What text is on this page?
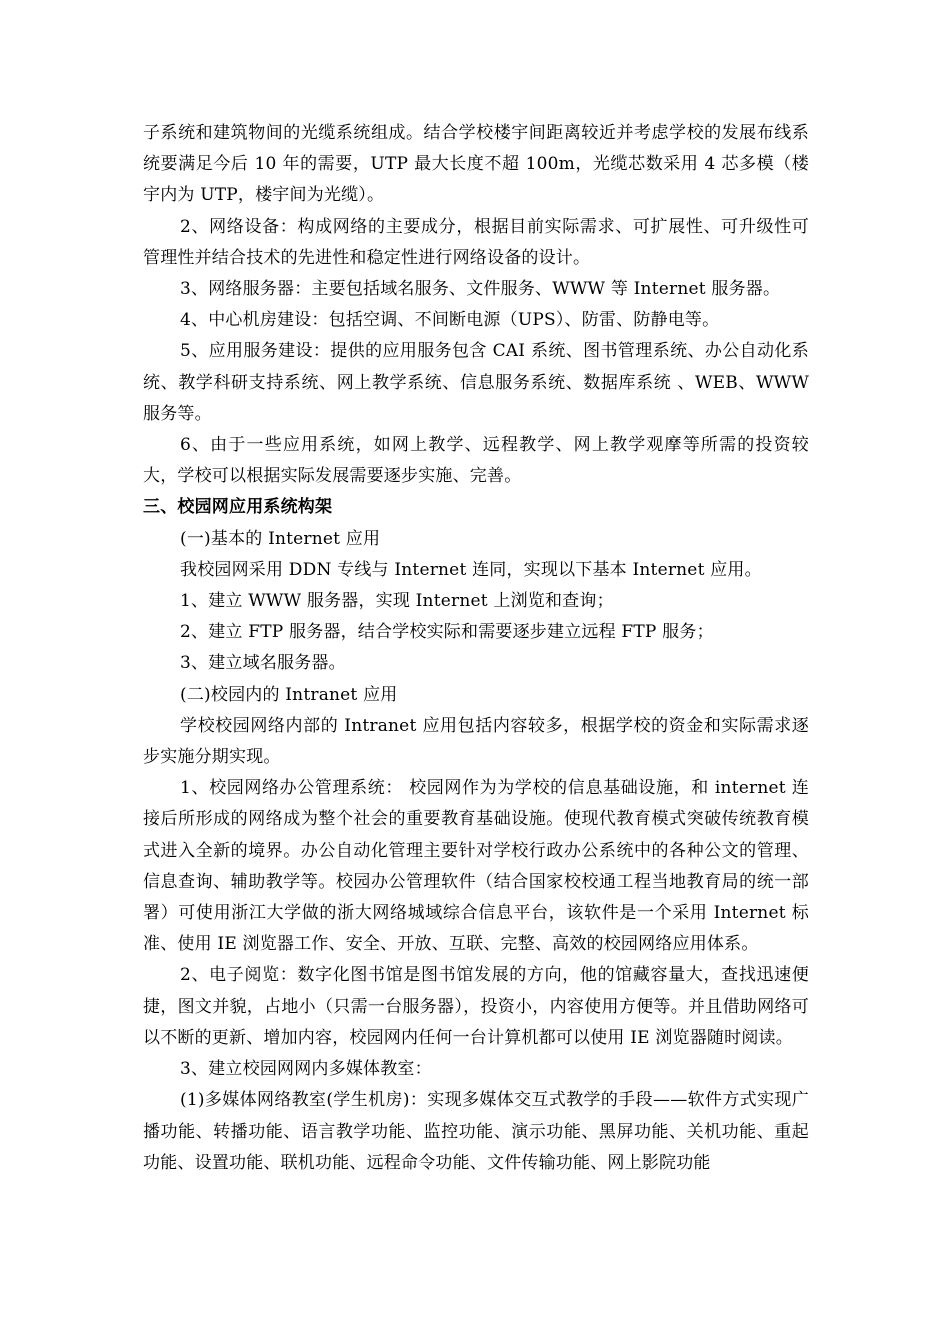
子系统和建筑物间的光缆系统组成。结合学校楼宇间距离较近并考虑学校的发展布线系统要满足今后 10 年的需要，UTP 最大长度不超 100m，光缆芯数采用 4 芯多模（楼宇内为 UTP，楼宇间为光缆）。

2、网络设备：构成网络的主要成分，根据目前实际需求、可扩展性、可升级性可管理性并结合技术的先进性和稳定性进行网络设备的设计。

3、网络服务器：主要包括域名服务、文件服务、WWW 等 Internet 服务器。

4、中心机房建设：包括空调、不间断电源（UPS）、防雷、防静电等。

5、应用服务建设：提供的应用服务包含 CAI 系统、图书管理系统、办公自动化系统、教学科研支持系统、网上教学系统、信息服务系统、数据库系统 、WEB、WWW 服务等。

6、由于一些应用系统，如网上教学、远程教学、网上教学观摩等所需的投资较大，学校可以根据实际发展需要逐步实施、完善。

三、校园网应用系统构架

(一)基本的 Internet 应用

我校园网采用 DDN 专线与 Internet 连同，实现以下基本 Internet 应用。

1、建立 WWW 服务器，实现 Internet 上浏览和查询；

2、建立 FTP 服务器，结合学校实际和需要逐步建立远程 FTP 服务；

3、建立域名服务器。

(二)校园内的 Intranet 应用

学校校园网络内部的 Intranet 应用包括内容较多，根据学校的资金和实际需求逐步实施分期实现。

1、校园网络办公管理系统： 校园网作为为学校的信息基础设施，和 internet 连接后所形成的网络成为整个社会的重要教育基础设施。使现代教育模式突破传统教育模式进入全新的境界。办公自动化管理主要针对学校行政办公系统中的各种公文的管理、信息查询、辅助教学等。校园办公管理软件（结合国家校校通工程当地教育局的统一部署）可使用浙江大学做的浙大网络城域综合信息平台，该软件是一个采用 Internet 标准、使用 IE 浏览器工作、安全、开放、互联、完整、高效的校园网络应用体系。

2、电子阅览：数字化图书馆是图书馆发展的方向，他的馆藏容量大，查找迅速便捷，图文并貌，占地小（只需一台服务器），投资小，内容使用方便等。并且借助网络可以不断的更新、增加内容，校园网内任何一台计算机都可以使用 IE 浏览器随时阅读。

3、建立校园网网内多媒体教室：

(1)多媒体网络教室(学生机房)：实现多媒体交互式教学的手段——软件方式实现广播功能、转播功能、语言教学功能、监控功能、演示功能、黑屏功能、关机功能、重起功能、设置功能、联机功能、远程命令功能、文件传输功能、网上影院功能
